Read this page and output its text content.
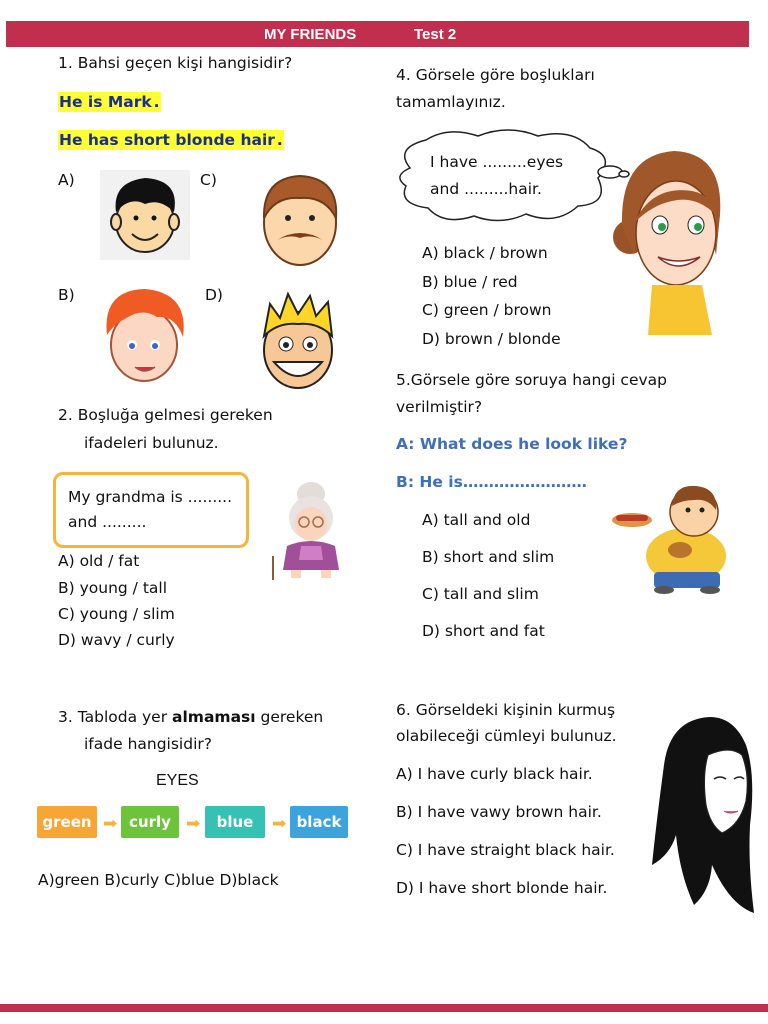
MY FRIENDS	Test 2
1. Bahsi geçen kişi hangisidir?
He is Mark .
He has short blonde hair .
A)	C)
B)	D)
2. Boşluğa gelmesi gereken
ifadeleri bulunuz.
My grandma is .........
and .........
A) old / fat
B) young / tall
C) young / slim
D) wavy / curly
3. Tabloda yer almaması gereken
ifade hangisidir?
EYES
green ➡ curly ➡	blue	➡ black
A)green B)curly C)blue D)black
4. Görsele göre boşlukları
tamamlayınız.
I have .........eyes
and .........hair.
A) black / brown
B) blue / red
C) green / brown
D) brown / blonde
5.Görsele göre soruya hangi cevap
verilmiştir?
A: What does he look like?
B: He is……………………
A) tall and old
B) short and slim
C) tall and slim
D) short and fat
6. Görseldeki kişinin kurmuş
olabileceği cümleyi bulunuz.
A) I have curly black hair.
B) I have vawy brown hair.
C) I have straight black hair.
D) I have short blonde hair.
